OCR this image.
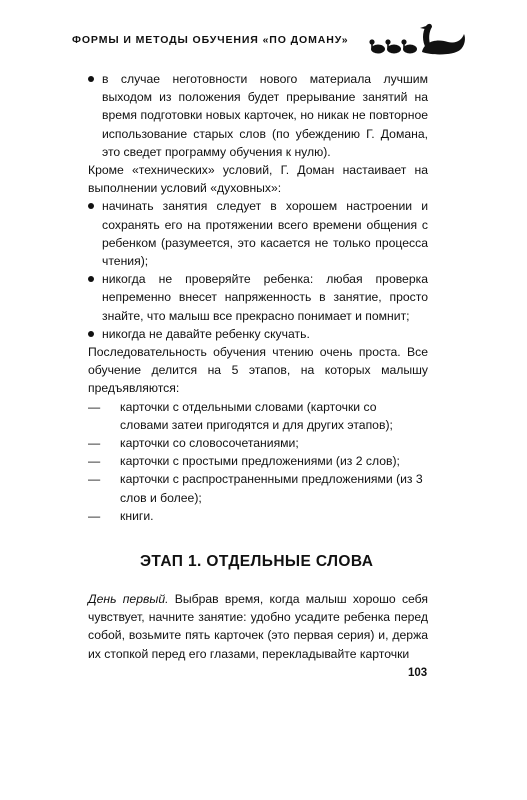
ФОРМЫ И МЕТОДЫ ОБУЧЕНИЯ «ПО ДОМАНУ»
в случае неготовности нового материала лучшим выходом из положения будет прерывание занятий на время подготовки новых карточек, но никак не повторное использование старых слов (по убеждению Г. Домана, это сведет программу обучения к нулю).

Кроме «технических» условий, Г. Доман настаивает на выполнении условий «духовных»:

начинать занятия следует в хорошем настроении и сохранять его на протяжении всего времени общения с ребенком (разумеется, это касается не только процесса чтения);
никогда не проверяйте ребенка: любая проверка непременно внесет напряженность в занятие, просто знайте, что малыш все прекрасно понимает и помнит;
никогда не давайте ребенку скучать.

Последовательность обучения чтению очень проста. Все обучение делится на 5 этапов, на которых малышу предъявляются:

— карточки с отдельными словами (карточки со словами затеи пригодятся и для других этапов);
— карточки со словосочетаниями;
— карточки с простыми предложениями (из 2 слов);
— карточки с распространенными предложениями (из 3 слов и более);
— книги.
ЭТАП 1. ОТДЕЛЬНЫЕ СЛОВА

День первый. Выбрав время, когда малыш хорошо себя чувствует, начните занятие: удобно усадите ребенка перед собой, возьмите пять карточек (это первая серия) и, держа их стопкой перед его глазами, перекладывайте карточки

103
